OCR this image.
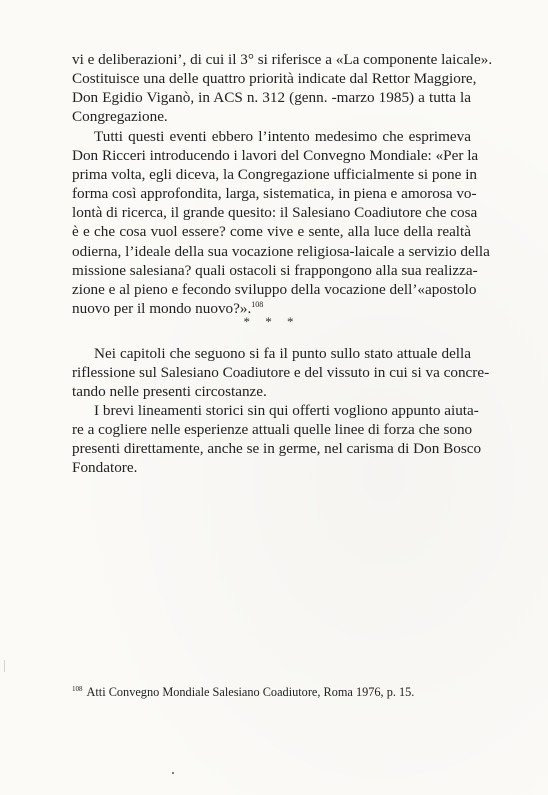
vi e deliberazioni’, di cui il 3° si riferisce a «La componente laicale».
Costituisce una delle quattro priorità indicate dal Rettor Maggiore,
Don Egidio Viganò, in ACS n. 312 (genn. -marzo 1985) a tutta la
Congregazione.
Tutti questi eventi ebbero l’intento medesimo che esprimeva
Don Ricceri introducendo i lavori del Convegno Mondiale: «Per la
prima volta, egli diceva, la Congregazione ufficialmente si pone in
forma così approfondita, larga, sistematica, in piena e amorosa vo-
lontà di ricerca, il grande quesito: il Salesiano Coadiutore che cosa
è e che cosa vuol essere? come vive e sente, alla luce della realtà
odierna, l’ideale della sua vocazione religiosa-laicale a servizio della
missione salesiana? quali ostacoli si frappongono alla sua realizza-
zione e al pieno e fecondo sviluppo della vocazione dell’«apostolo
nuovo per il mondo nuovo?».$^{108}$
* * *
Nei capitoli che seguono si fa il punto sullo stato attuale della
riflessione sul Salesiano Coadiutore e del vissuto in cui si va concre-
tando nelle presenti circostanze.
I brevi lineamenti storici sin qui offerti vogliono appunto aiuta-
re a cogliere nelle esperienze attuali quelle linee di forza che sono
presenti direttamente, anche se in germe, nel carisma di Don Bosco
Fondatore.
$^{108}$ Atti Convegno Mondiale Salesiano Coadiutore, Roma 1976, p. 15.
